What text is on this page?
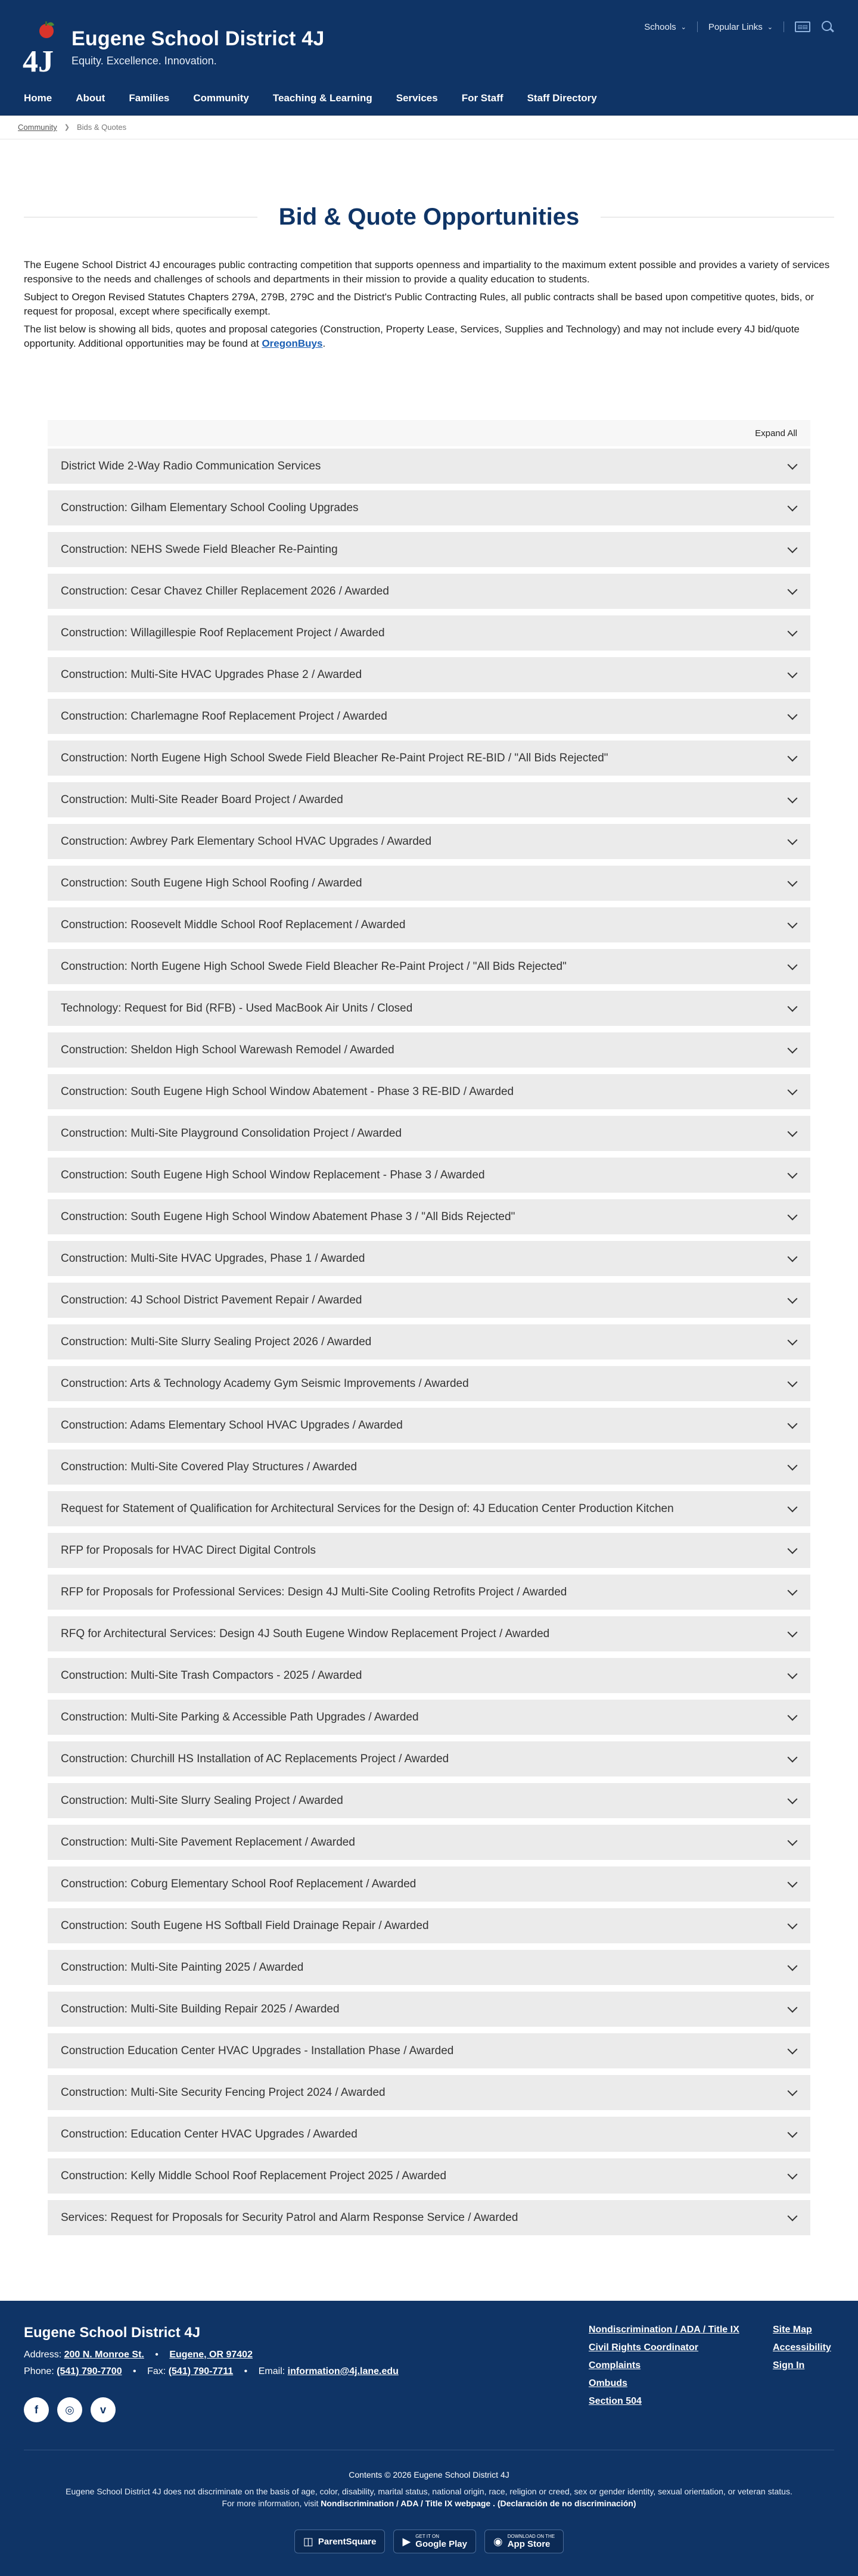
4J
Eugene School District 4J
Equity. Excellence. Innovation.
Schools ⌄ Popular Links ⌄	▤▤
Home About Families Community Teaching & Learning Services For Staff Staff Directory
Community ❯ Bids & Quotes
Bid & Quote Opportunities

The Eugene School District 4J encourages public contracting competition that supports openness and impartiality to the maximum extent possible and provides a variety of services responsive to the needs and challenges of schools and departments in their mission to provide a quality education to students.

Subject to Oregon Revised Statutes Chapters 279A, 279B, 279C and the District's Public Contracting Rules, all public contracts shall be based upon competitive quotes, bids, or request for proposal, except where specifically exempt.

The list below is showing all bids, quotes and proposal categories (Construction, Property Lease, Services, Supplies and Technology) and may not include every 4J bid/quote opportunity. Additional opportunities may be found at OregonBuys.

Expand All
District Wide 2-Way Radio Communication Services
Construction: Gilham Elementary School Cooling Upgrades
Construction: NEHS Swede Field Bleacher Re-Painting
Construction: Cesar Chavez Chiller Replacement 2026 / Awarded
Construction: Willagillespie Roof Replacement Project / Awarded
Construction: Multi-Site HVAC Upgrades Phase 2 / Awarded
Construction: Charlemagne Roof Replacement Project / Awarded
Construction: North Eugene High School Swede Field Bleacher Re-Paint Project RE-BID / "All Bids Rejected"
Construction: Multi-Site Reader Board Project / Awarded
Construction: Awbrey Park Elementary School HVAC Upgrades / Awarded
Construction: South Eugene High School Roofing / Awarded
Construction: Roosevelt Middle School Roof Replacement / Awarded
Construction: North Eugene High School Swede Field Bleacher Re-Paint Project / "All Bids Rejected"
Technology: Request for Bid (RFB) - Used MacBook Air Units / Closed
Construction: Sheldon High School Warewash Remodel / Awarded
Construction: South Eugene High School Window Abatement - Phase 3 RE-BID / Awarded
Construction: Multi-Site Playground Consolidation Project / Awarded
Construction: South Eugene High School Window Replacement - Phase 3 / Awarded
Construction: South Eugene High School Window Abatement Phase 3 / "All Bids Rejected"
Construction: Multi-Site HVAC Upgrades, Phase 1 / Awarded
Construction: 4J School District Pavement Repair / Awarded
Construction: Multi-Site Slurry Sealing Project 2026 / Awarded
Construction: Arts & Technology Academy Gym Seismic Improvements / Awarded
Construction: Adams Elementary School HVAC Upgrades / Awarded
Construction: Multi-Site Covered Play Structures / Awarded
Request for Statement of Qualification for Architectural Services for the Design of: 4J Education Center Production Kitchen
RFP for Proposals for HVAC Direct Digital Controls
RFP for Proposals for Professional Services: Design 4J Multi-Site Cooling Retrofits Project / Awarded
RFQ for Architectural Services: Design 4J South Eugene Window Replacement Project / Awarded
Construction: Multi-Site Trash Compactors - 2025 / Awarded
Construction: Multi-Site Parking & Accessible Path Upgrades / Awarded
Construction: Churchill HS Installation of AC Replacements Project / Awarded
Construction: Multi-Site Slurry Sealing Project / Awarded
Construction: Multi-Site Pavement Replacement / Awarded
Construction: Coburg Elementary School Roof Replacement / Awarded
Construction: South Eugene HS Softball Field Drainage Repair / Awarded
Construction: Multi-Site Painting 2025 / Awarded
Construction: Multi-Site Building Repair 2025 / Awarded
Construction Education Center HVAC Upgrades - Installation Phase / Awarded
Construction: Multi-Site Security Fencing Project 2024 / Awarded
Construction: Education Center HVAC Upgrades / Awarded
Construction: Kelly Middle School Roof Replacement Project 2025 / Awarded
Services: Request for Proposals for Security Patrol and Alarm Response Service / Awarded
Eugene School District 4J
Address: 200 N. Monroe St. • Eugene, OR 97402
Phone: (541) 790-7700 • Fax: (541) 790-7711 • Email: information@4j.lane.edu
f	◎	v
Nondiscrimination / ADA / Title IX
Civil Rights Coordinator
Complaints
Ombuds
Section 504
Site Map
Accessibility
Sign In
Contents © 2026 Eugene School District 4J
Eugene School District 4J does not discriminate on the basis of age, color, disability, marital status, national origin, race, religion or creed, sex or gender identity, sexual orientation, or veteran status. For more information, visit Nondiscrimination / ADA / Title IX webpage . (Declaración de no discriminación)
◫ ParentSquare ▶ GET IT ON
Google Play ◉ DOWNLOAD ON THE
App Store
